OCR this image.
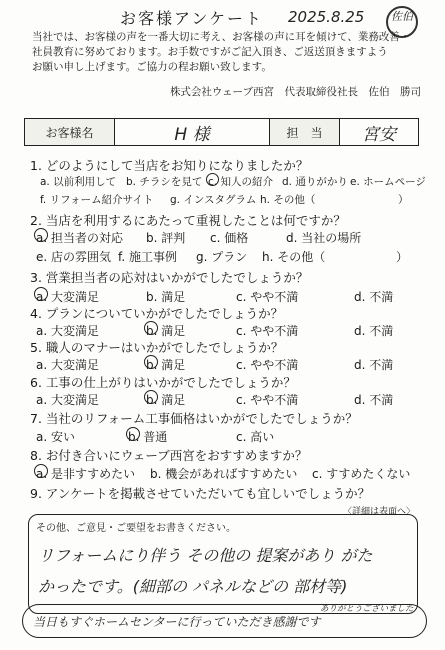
お客様アンケート 2025.8.25	佐伯
当社では、お客様の声を一番大切に考え、お客様の声に耳を傾けて、業務改善・
社員教育に努めております。お手数ですがご記入頂き、ご返送頂きますよう
お願い申し上げます。ご協力の程お願い致します。
株式会社ウェーブ西宮　代表取締役社長　佐伯　勝司
お客様名	H 様	担　当	宮安
1. どのようにして当店をお知りになりましたか？
a. 以前利用して b. チラシを見て c. 知人の紹介 d. 通りがかり e. ホームページ
f. リフォーム紹介サイト g. インスタグラム h. その他（	）
2. 当店を利用するにあたって重視したことは何ですか？
a. 担当者の対応 b. 評判 c. 価格	d. 当社の場所
e. 店の雰囲気 f. 施工事例 g. プラン h. その他（	）
3. 営業担当者の応対はいかがでしたでしょうか？
a. 大変満足	b. 満足	c. やや不満	d. 不満
4. プランについていかがでしたでしょうか？
a. 大変満足	b. 満足	c. やや不満	d. 不満
5. 職人のマナーはいかがでしたでしょうか？
a. 大変満足	b. 満足	c. やや不満	d. 不満
6. 工事の仕上がりはいかがでしたでしょうか？
a. 大変満足	b. 満足	c. やや不満	d. 不満
7. 当社のリフォーム工事価格はいかがでしたでしょうか？
a. 安い	b. 普通	c. 高い
8. お付き合いにウェーブ西宮をおすすめますか？
a. 是非すすめたい b. 機会があればすすめたい c. すすめたくない
9. アンケートを掲載させていただいても宜しいでしょうか？
〈詳細は表面へ〉
その他、ご意見・ご要望をお書きください。
リフォームにり伴う その他の 提案があり がた
かったです。(細部の パネルなどの 部材等)
当日もすぐホームセンターに行っていただき感謝です
ありがとうございました
